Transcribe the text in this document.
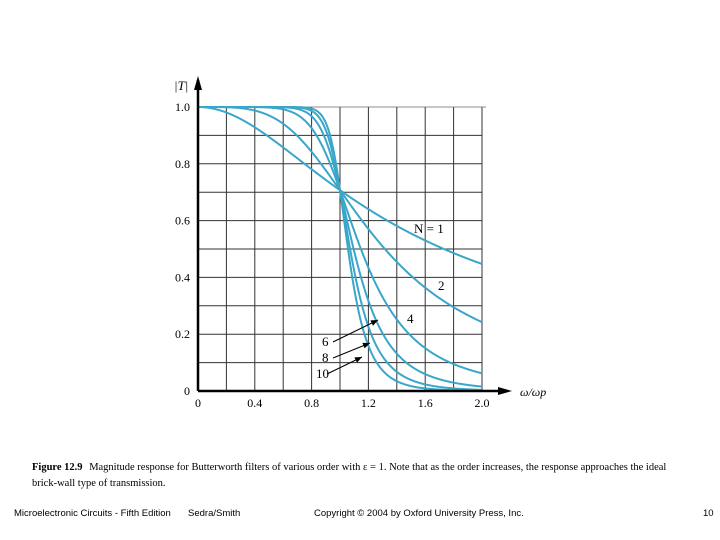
0	0.4	0.8	1.2	1.6	2.0
0
0.2
0.4
0.6
0.8
1.0
|T|
ω/ωp
N = 1
2
4
6
8
10
Figure 12.9 Magnitude response for Butterworth filters of various order with ε = 1. Note that as the order increases, the response approaches the ideal brick-wall type of transmission.
Microelectronic Circuits - Fifth Edition Sedra/Smith	Copyright © 2004 by Oxford University Press, Inc.	10
